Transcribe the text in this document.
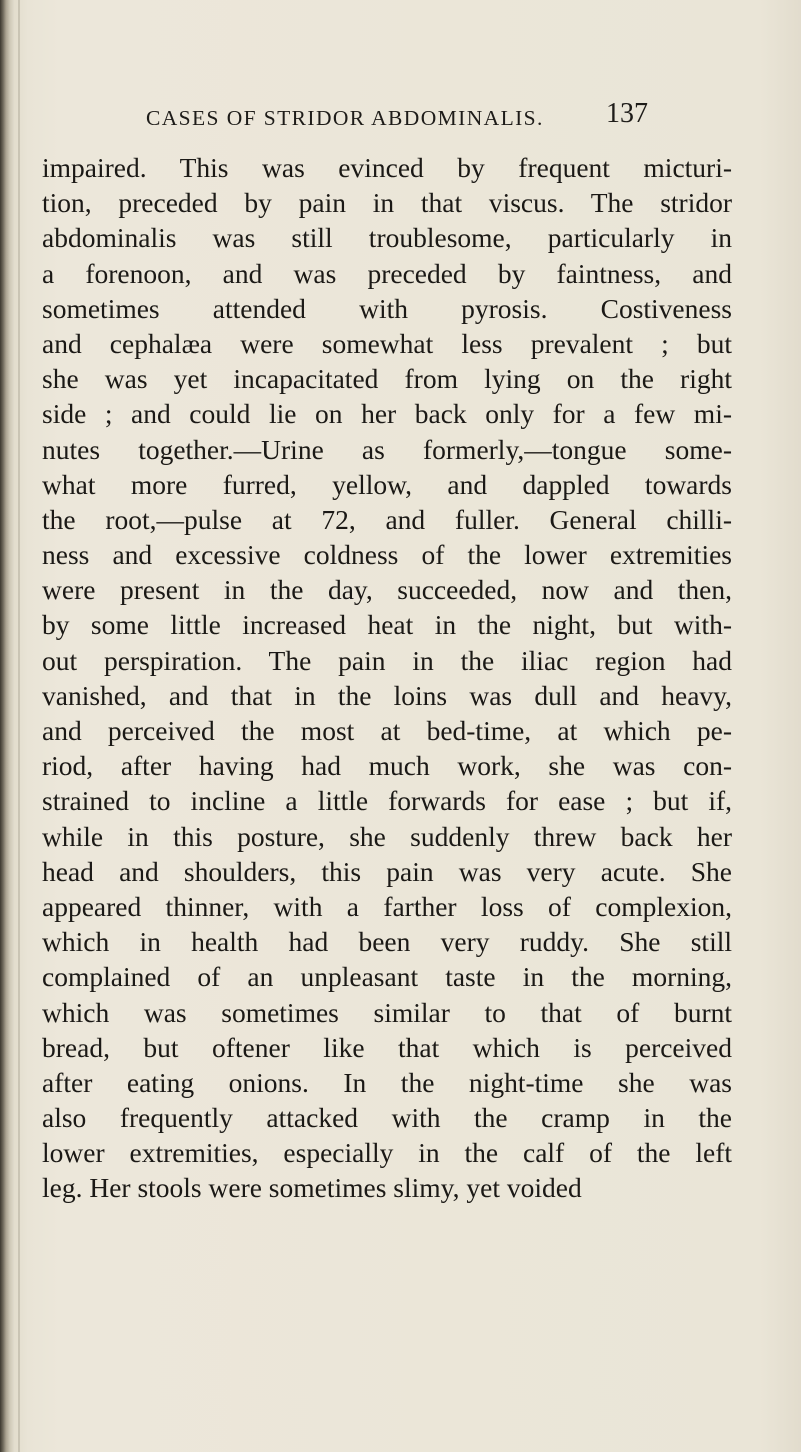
CASES OF STRIDOR ABDOMINALIS. 137
impaired. This was evinced by frequent micturi-
tion, preceded by pain in that viscus. The stridor
abdominalis was still troublesome, particularly in
a forenoon, and was preceded by faintness, and
sometimes attended with pyrosis. Costiveness
and cephalæa were somewhat less prevalent ; but
she was yet incapacitated from lying on the right
side ; and could lie on her back only for a few mi-
nutes together.—Urine as formerly,—tongue some-
what more furred, yellow, and dappled towards
the root,—pulse at 72, and fuller. General chilli-
ness and excessive coldness of the lower extremities
were present in the day, succeeded, now and then,
by some little increased heat in the night, but with-
out perspiration. The pain in the iliac region had
vanished, and that in the loins was dull and heavy,
and perceived the most at bed-time, at which pe-
riod, after having had much work, she was con-
strained to incline a little forwards for ease ; but if,
while in this posture, she suddenly threw back her
head and shoulders, this pain was very acute. She
appeared thinner, with a farther loss of complexion,
which in health had been very ruddy. She still
complained of an unpleasant taste in the morning,
which was sometimes similar to that of burnt
bread, but oftener like that which is perceived
after eating onions. In the night-time she was
also frequently attacked with the cramp in the
lower extremities, especially in the calf of the left
leg. Her stools were sometimes slimy, yet voided
